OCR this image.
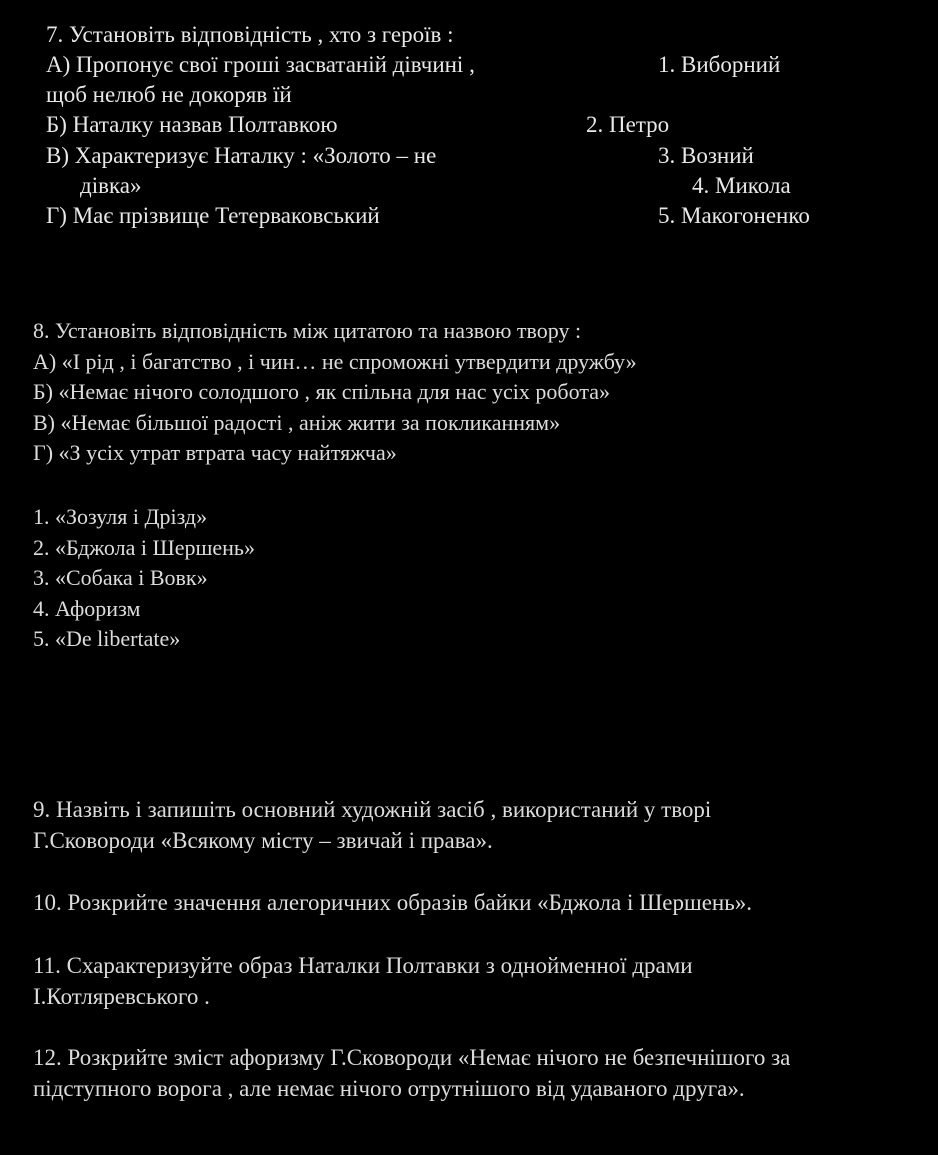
7. Установіть відповідність , хто з героїв :
А) Пропонує свої гроші засватаній дівчині ,
щоб нелюб не докоряв їй
Б) Наталку назвав Полтавкою
В) Характеризує Наталку : «Золото – не
дівка»
Г) Має прізвище Тетерваковський
1. Виборний
2. Петро
3. Возний
4. Микола
5. Макогоненко
8. Установіть відповідність між цитатою та назвою твору :
А) «І рід , і багатство , і чин… не спроможні утвердити дружбу»
Б) «Немає нічого солодшого , як спільна для нас усіх робота»
В) «Немає більшої радості , аніж жити за покликанням»
Г) «З усіх утрат втрата часу найтяжча»
1. «Зозуля і Дрізд»
2. «Бджола і Шершень»
3. «Собака і Вовк»
4. Афоризм
5. «De libertate»
9. Назвіть і запишіть основний художній засіб , використаний у творі
Г.Сковороди «Всякому місту – звичай і права».
10. Розкрийте значення алегоричних образів байки «Бджола і Шершень».
11. Схарактеризуйте образ Наталки Полтавки з однойменної драми
І.Котляревського .
12. Розкрийте зміст афоризму Г.Сковороди «Немає нічого не безпечнішого за
підступного ворога , але немає нічого отрутнішого від удаваного друга».
